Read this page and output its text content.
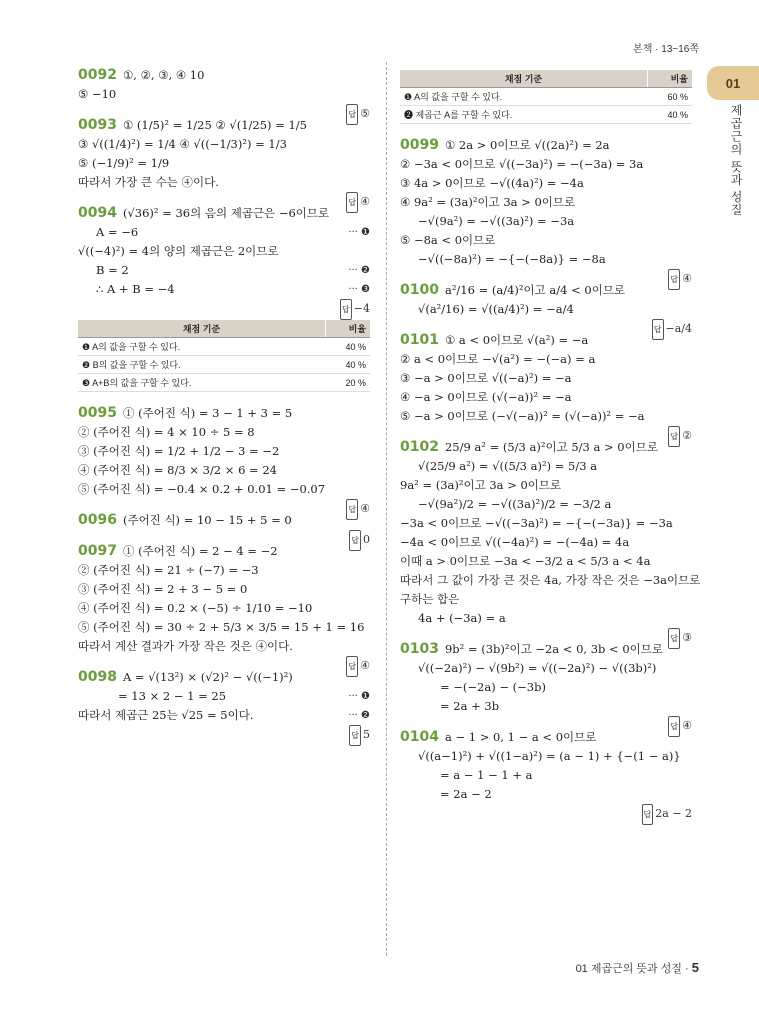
본책 · 13~16쪽
01
제곱근의 뜻과 성질
0092 ①, ②, ③, ④ 10
⑤ −10
답 ⑤
0093 ① (1/5)² = 1/25 ② √(1/25) = 1/5
③ √((1/4)²) = 1/4 ④ √((−1/3)²) = 1/3
⑤ (−1/9)² = 1/9
따라서 가장 큰 수는 ④이다.
답 ④
0094 (√36)² = 36의 음의 제곱근은 −6이므로
A = −6	··· ❶
√((−4)²) = 4의 양의 제곱근은 2이므로
B = 2	··· ❷
∴ A + B = −4	··· ❸
답 −4
채점 기준	비율
❶ A의 값을 구할 수 있다.	40 %
❷ B의 값을 구할 수 있다.	40 %
❸ A+B의 값을 구할 수 있다.	20 %
0095 ① (주어진 식) = 3 − 1 + 3 = 5
② (주어진 식) = 4 × 10 ÷ 5 = 8
③ (주어진 식) = 1/2 + 1/2 − 3 = −2
④ (주어진 식) = 8/3 × 3/2 × 6 = 24
⑤ (주어진 식) = −0.4 × 0.2 + 0.01 = −0.07
답 ④
0096 (주어진 식) = 10 − 15 + 5 = 0
답 0
0097 ① (주어진 식) = 2 − 4 = −2
② (주어진 식) = 21 ÷ (−7) = −3
③ (주어진 식) = 2 + 3 − 5 = 0
④ (주어진 식) = 0.2 × (−5) ÷ 1/10 = −10
⑤ (주어진 식) = 30 ÷ 2 + 5/3 × 3/5 = 15 + 1 = 16
따라서 계산 결과가 가장 작은 것은 ④이다.
답 ④
0098 A = √(13²) × (√2)² − √((−1)²)
= 13 × 2 − 1 = 25	··· ❶
따라서 제곱근 25는 √25 = 5이다.	··· ❷
답 5
채점 기준	비율
❶ A의 값을 구할 수 있다.	60 %
❷ 제곱근 A를 구할 수 있다.	40 %
0099 ① 2a > 0이므로 √((2a)²) = 2a
② −3a < 0이므로 √((−3a)²) = −(−3a) = 3a
③ 4a > 0이므로 −√((4a)²) = −4a
④ 9a² = (3a)²이고 3a > 0이므로
−√(9a²) = −√((3a)²) = −3a
⑤ −8a < 0이므로
−√((−8a)²) = −{−(−8a)} = −8a
답 ④
0100 a²/16 = (a/4)²이고 a/4 < 0이므로
√(a²/16) = √((a/4)²) = −a/4
답 −a/4
0101 ① a < 0이므로 √(a²) = −a
② a < 0이므로 −√(a²) = −(−a) = a
③ −a > 0이므로 √((−a)²) = −a
④ −a > 0이므로 (√(−a))² = −a
⑤ −a > 0이므로 (−√(−a))² = (√(−a))² = −a
답 ②
0102 25/9 a² = (5/3 a)²이고 5/3 a > 0이므로
√(25/9 a²) = √((5/3 a)²) = 5/3 a
9a² = (3a)²이고 3a > 0이므로
−√(9a²)/2 = −√((3a)²)/2 = −3/2 a
−3a < 0이므로 −√((−3a)²) = −{−(−3a)} = −3a
−4a < 0이므로 √((−4a)²) = −(−4a) = 4a
이때 a > 0이므로 −3a < −3/2 a < 5/3 a < 4a
따라서 그 값이 가장 큰 것은 4a, 가장 작은 것은 −3a이므로
구하는 합은
4a + (−3a) = a
답 ③
0103 9b² = (3b)²이고 −2a < 0, 3b < 0이므로
√((−2a)²) − √(9b²) = √((−2a)²) − √((3b)²)
= −(−2a) − (−3b)
= 2a + 3b
답 ④
0104 a − 1 > 0, 1 − a < 0이므로
√((a−1)²) + √((1−a)²) = (a − 1) + {−(1 − a)}
= a − 1 − 1 + a
= 2a − 2
답 2a − 2
01 제곱근의 뜻과 성질 · 5
